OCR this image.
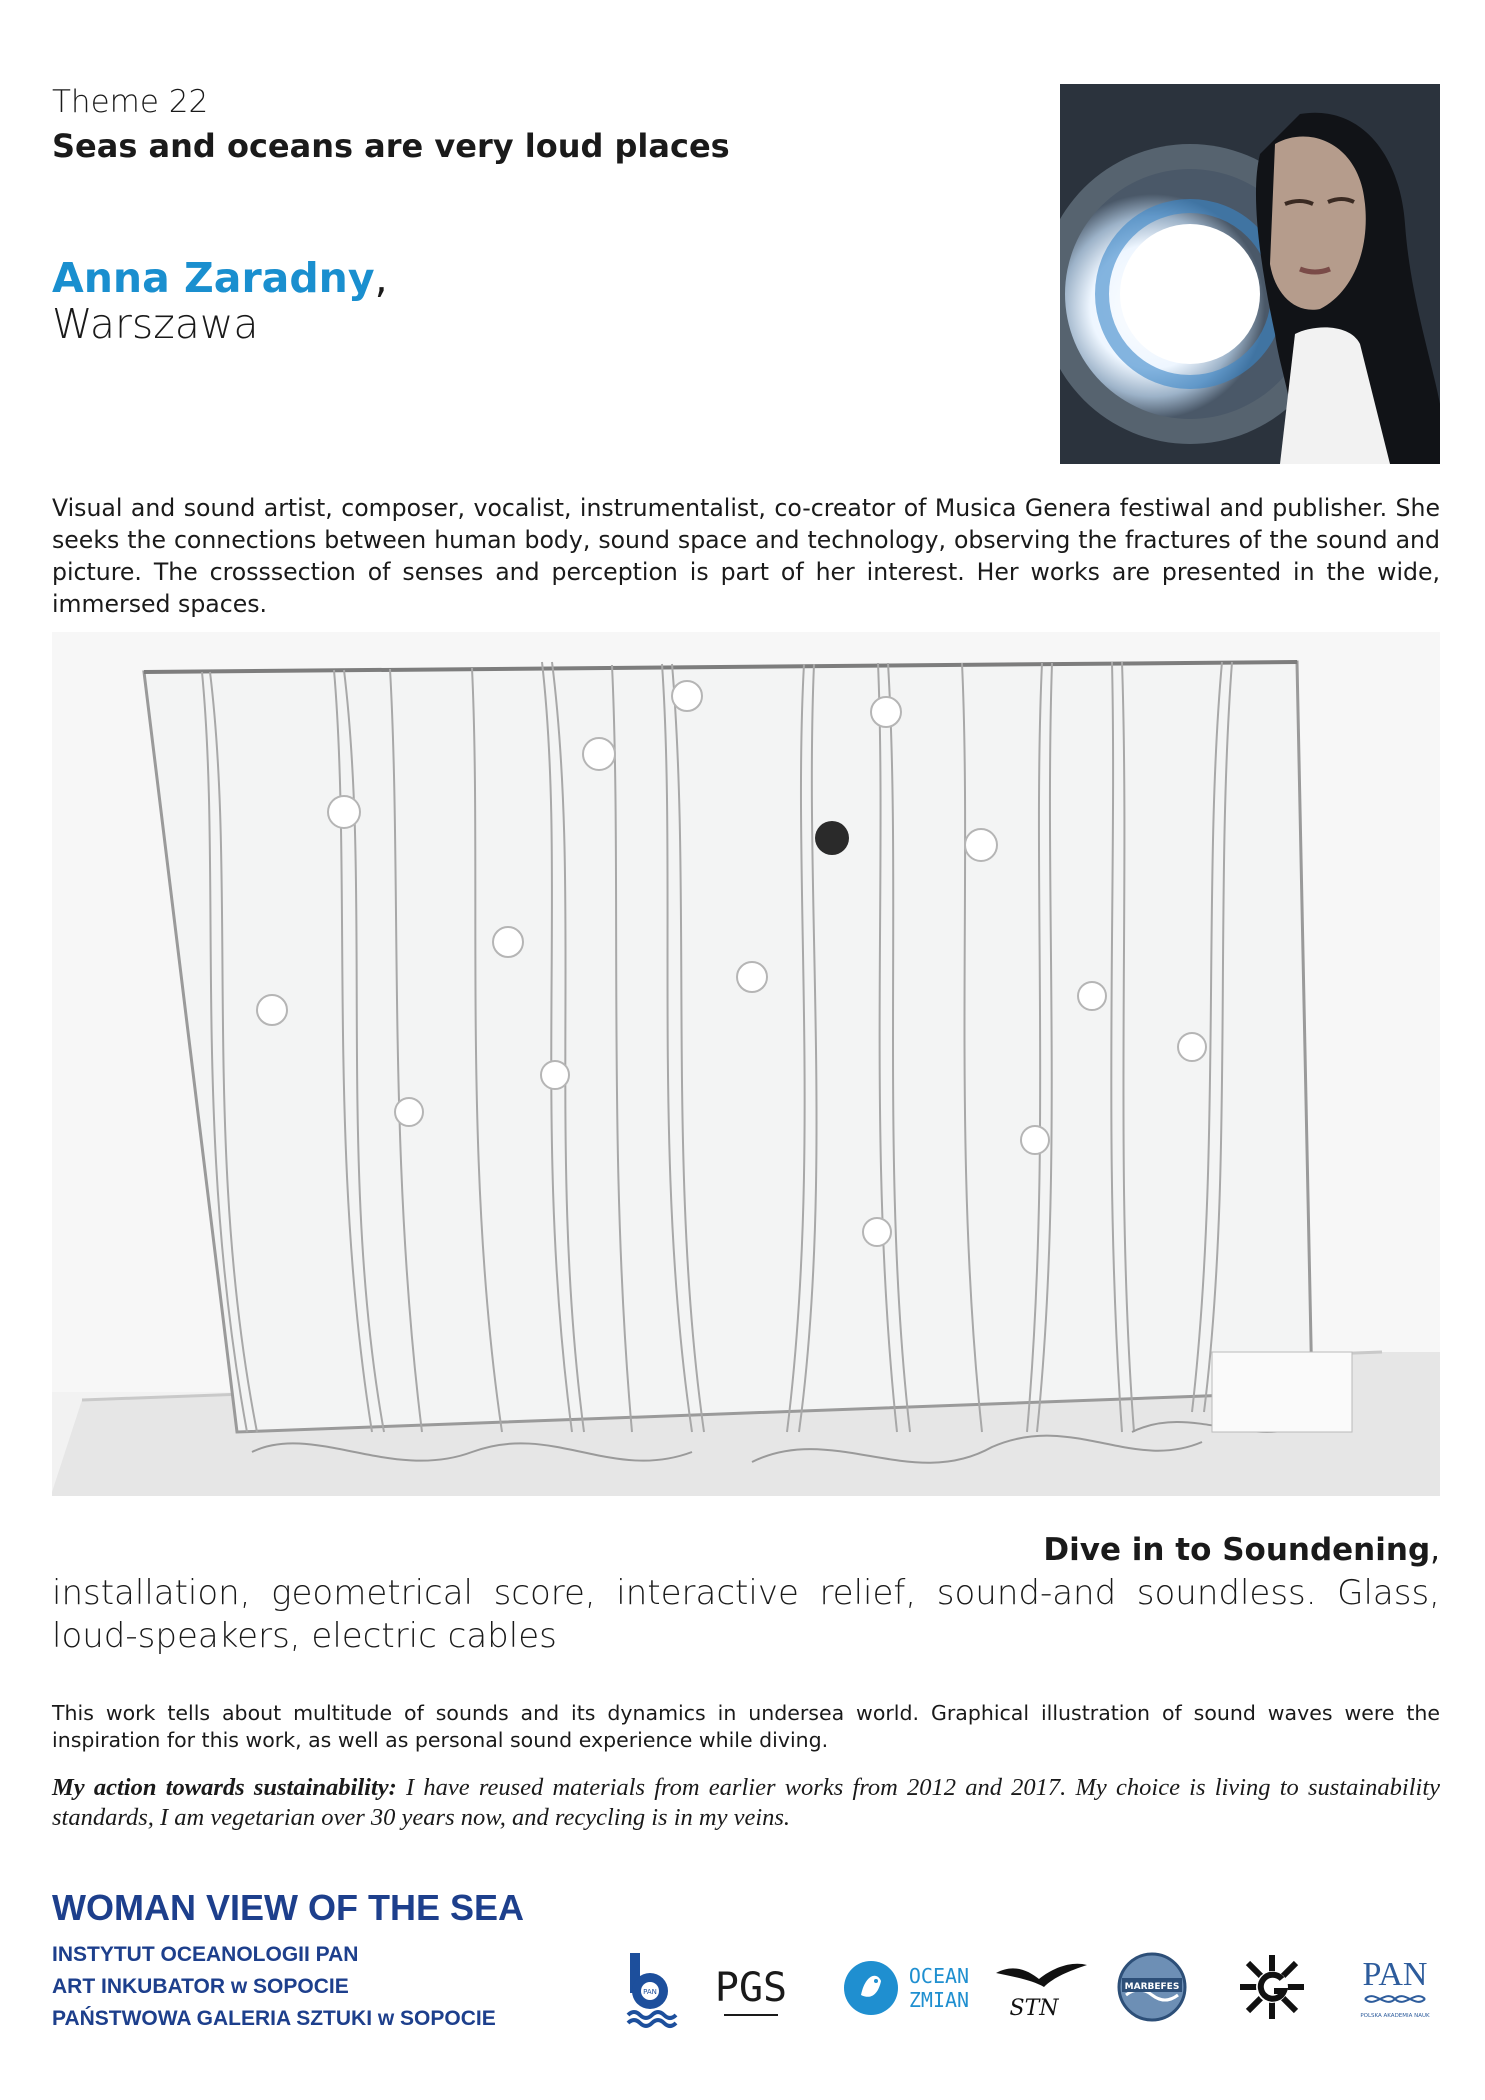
Theme 22
Seas and oceans are very loud places
Anna Zaradny,
Warszawa
Visual and sound artist, composer, vocalist, instrumentalist, co-creator of Musica Genera festiwal and publisher. She seeks the connections between human body, sound space and technology, observing the fractures of the sound and picture. The crosssection of senses and perception is part of her interest. Her works are presented in the wide, immersed spaces.
Dive in to Soundening,
installation, geometrical score, interactive relief, sound-and soundless. Glass, loud-speakers, electric cables
This work tells about multitude of sounds and its dynamics in undersea world. Graphical illustration of sound waves were the inspiration for this work, as well as personal sound experience while diving.
My action towards sustainability: I have reused materials from earlier works from 2012 and 2017. My choice is living to sustainability standards, I am vegetarian over 30 years now, and recycling is in my veins.
WOMAN VIEW OF THE SEA
INSTYTUT OCEANOLOGII PAN
ART INKUBATOR w SOPOCIE
PAŃSTWOWA GALERIA SZTUKI w SOPOCIE
PAN PGS	OCEAN
ZMIAN STN
MARBEFES	PAN
POLSKA AKADEMIA NAUK
